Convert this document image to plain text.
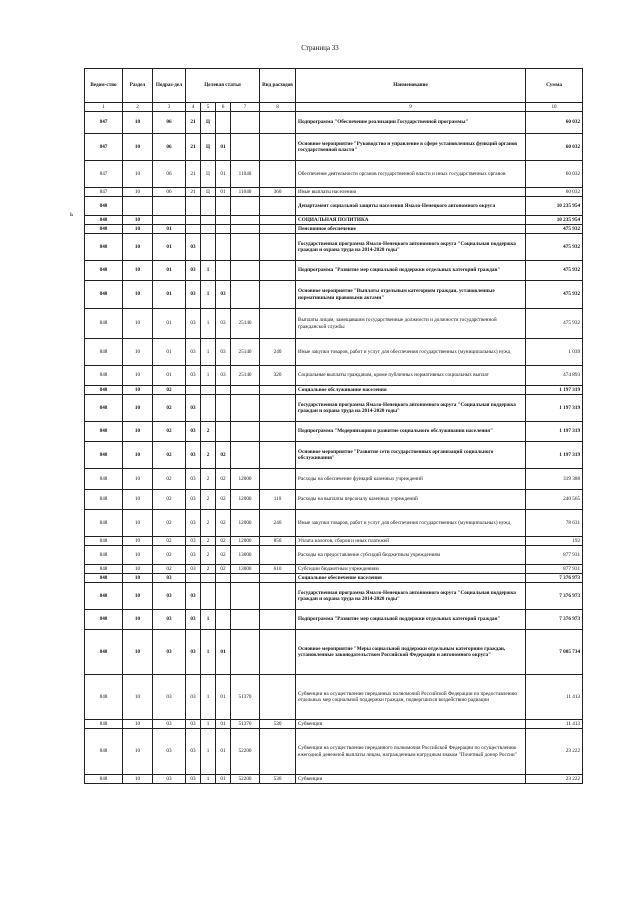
Страница 33
ь
Ведом-ство	Раздел	Подраз-дел	Целевая статья				Вид расходов	Наименование	Сумма
1	2	3	4	5	6	7	8	9	10
847	10	06	21	Ц				Подпрограмма "Обеспечение реализации Государственной программы"	60 032
847	10	06	21	Ц	01			Основное мероприятие "Руководство и управление в сфере установленных функций органов государственной власти"	60 032
847	10	06	21	Ц	01	11040		Обеспечение деятельности органов государственной власти и иных государственных органов	60 032
847	10	06	21	Ц	01	11040	360	Иные выплаты населению	60 032
848								Департамент социальной защиты населения Ямало-Ненецкого автономного округа	10 235 954
848	10							СОЦИАЛЬНАЯ ПОЛИТИКА	10 235 954
848	10	01						Пенсионное обеспечение	475 932
848	10	01	03					Государственная программа Ямало-Ненецкого автономного округа "Социальная поддержка граждан и охрана труда на 2014-2020 годы"	475 932
848	10	01	03	1				Подпрограмма "Развитие мер социальной поддержки отдельных категорий граждан"	475 932
848	10	01	03	1	03			Основное мероприятие "Выплаты отдельным категориям граждан, установленные нормативными правовыми актами"	475 932
848	10	01	03	1	03	25140		Выплаты лицам, замещавшим государственные должности и должности государственной гражданской службы	475 932
848	10	01	03	1	03	25140	240	Иные закупки товаров, работ и услуг для обеспечения государственных (муниципальных) нужд	1 039
848	10	01	03	1	03	25140	320	Социальные выплаты гражданам, кроме публичных нормативных социальных выплат	474 893
848	10	02						Социальное обслуживание населения	1 197 319
848	10	02	03					Государственная программа Ямало-Ненецкого автономного округа "Социальная поддержка граждан и охрана труда на 2014-2020 годы"	1 197 319
848	10	02	03	2				Подпрограмма "Модернизация и развитие социального обслуживания населения"	1 197 319
848	10	02	03	2	02			Основное мероприятие "Развитие сети государственных организаций социального обслуживания"	1 197 319
848	10	02	03	2	02	12000		Расходы на обеспечение функций казенных учреждений	319 388
848	10	02	03	2	02	12000	110	Расходы на выплаты персоналу казенных учреждений	240 565
848	10	02	03	2	02	12000	240	Иные закупки товаров, работ и услуг для обеспечения государственных (муниципальных) нужд	78 631
848	10	02	03	2	02	12000	850	Уплата налогов, сборов и иных платежей	192
848	10	02	03	2	02	13000		Расходы на предоставление субсидий бюджетным учреждениям	877 931
848	10	02	03	2	02	13000	610	Субсидии бюджетным учреждениям	877 931
848	10	03						Социальное обеспечение населения	7 376 973
848	10	03	03					Государственная программа Ямало-Ненецкого автономного округа "Социальная поддержка граждан и охрана труда на 2014-2020 годы"	7 376 973
848	10	03	03	1				Подпрограмма "Развитие мер социальной поддержки отдельных категорий граждан"	7 376 973
848	10	03	03	1	01			Основное мероприятие "Меры социальной поддержки отдельным категориям граждан, установленные законодательством Российской Федерации и автономного округа"	7 005 734
848	10	03	03	1	01	51370		Субвенции на осуществление переданных полномочий Российской Федерации по предоставлению отдельных мер социальной поддержки граждан, подвергшихся воздействию радиации	11 413
848	10	03	03	1	01	51370	530	Субвенции	11 413
848	10	03	03	1	01	52200		Субвенции на осуществление переданного полномочия Российской Федерации по осуществлению ежегодной денежной выплаты лицам, награжденным нагрудным знаком "Почетный донор России"	23 222
848	10	03	03	1	01	52200	530	Субвенции	23 222
